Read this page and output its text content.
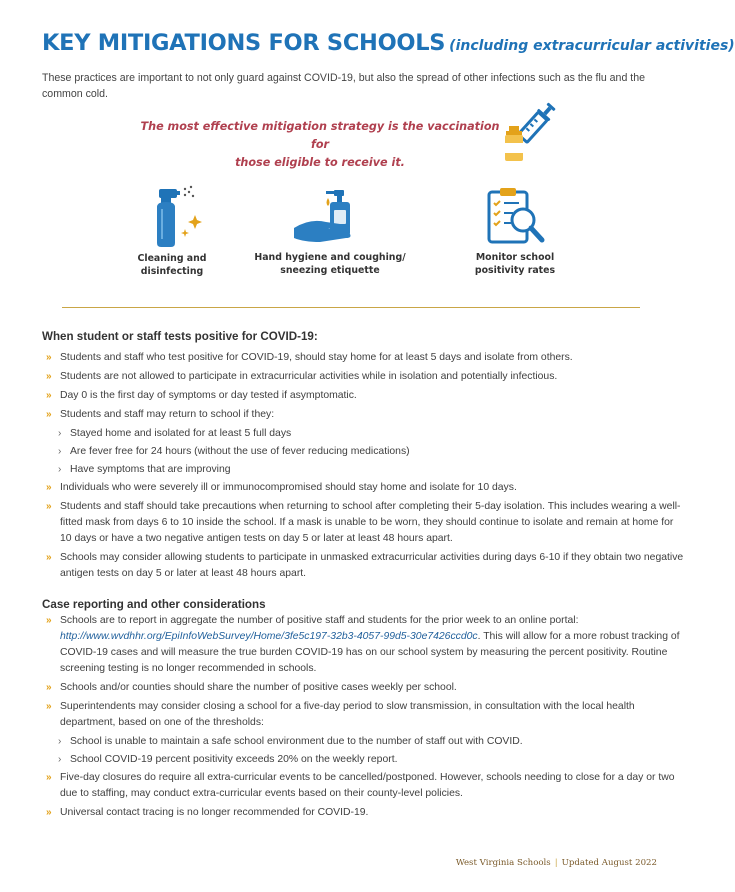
KEY MITIGATIONS FOR SCHOOLS (including extracurricular activities)

These practices are important to not only guard against COVID-19, but also the spread of other infections such as the flu and the common cold.

The most effective mitigation strategy is the vaccination for
those eligible to receive it.
Cleaning and
disinfecting
Hand hygiene and coughing/
sneezing etiquette
Monitor school
positivity rates
When student or staff tests positive for COVID-19:
» Students and staff who test positive for COVID-19, should stay home for at least 5 days and isolate from others.
» Students are not allowed to participate in extracurricular activities while in isolation and potentially infectious.
» Day 0 is the first day of symptoms or day tested if asymptomatic.
» Students and staff may return to school if they:
› Stayed home and isolated for at least 5 full days
› Are fever free for 24 hours (without the use of fever reducing medications)
› Have symptoms that are improving
» Individuals who were severely ill or immunocompromised should stay home and isolate for 10 days.
» Students and staff should take precautions when returning to school after completing their 5-day isolation. This includes wearing a well-fitted mask from days 6 to 10 inside the school. If a mask is unable to be worn, they should continue to isolate and remain at home for 10 days or have a two negative antigen tests on day 5 or later at least 48 hours apart.
» Schools may consider allowing students to participate in unmasked extracurricular activities during days 6-10 if they obtain two negative antigen tests on day 5 or later at least 48 hours apart.
Case reporting and other considerations
» Schools are to report in aggregate the number of positive staff and students for the prior week to an online portal: http://www.wvdhhr.org/EpiInfoWebSurvey/Home/3fe5c197-32b3-4057-99d5-30e7426ccd0c. This will allow for a more robust tracking of COVID-19 cases and will measure the true burden COVID-19 has on our school system by measuring the percent positivity. Routine screening testing is no longer recommended in schools.
» Schools and/or counties should share the number of positive cases weekly per school.
» Superintendents may consider closing a school for a five-day period to slow transmission, in consultation with the local health department, based on one of the thresholds:
› School is unable to maintain a safe school environment due to the number of staff out with COVID.
› School COVID-19 percent positivity exceeds 20% on the weekly report.
» Five-day closures do require all extra-curricular events to be cancelled/postponed. However, schools needing to close for a day or two due to staffing, may conduct extra-curricular events based on their county-level policies.
» Universal contact tracing is no longer recommended for COVID-19.
West Virginia Schools | Updated August 2022
